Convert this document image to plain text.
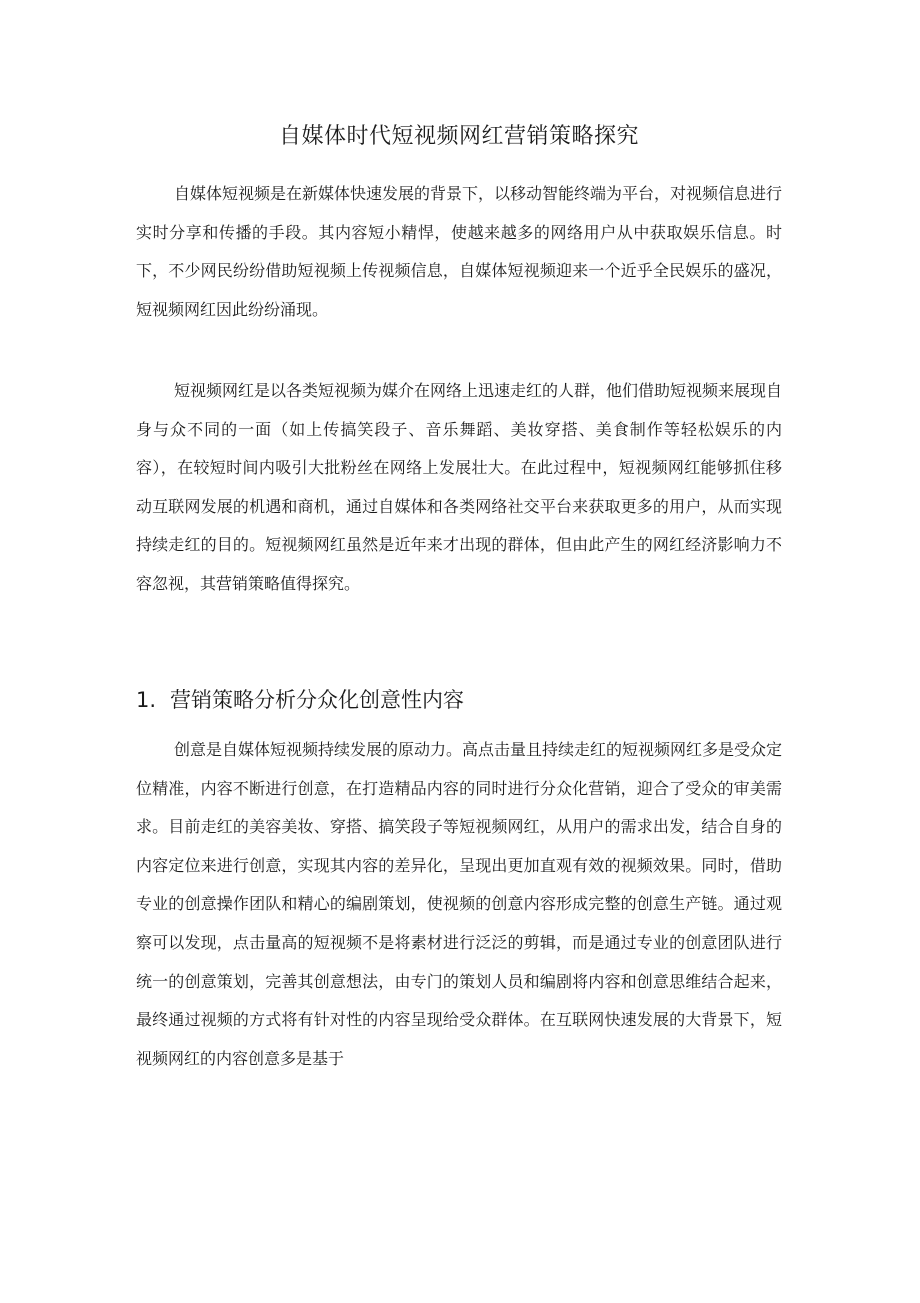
自媒体时代短视频网红营销策略探究

自媒体短视频是在新媒体快速发展的背景下，以移动智能终端为平台，对视频信息进行实时分享和传播的手段。其内容短小精悍，使越来越多的网络用户从中获取娱乐信息。时下，不少网民纷纷借助短视频上传视频信息，自媒体短视频迎来一个近乎全民娱乐的盛况，短视频网红因此纷纷涌现。

短视频网红是以各类短视频为媒介在网络上迅速走红的人群，他们借助短视频来展现自身与众不同的一面（如上传搞笑段子、音乐舞蹈、美妆穿搭、美食制作等轻松娱乐的内容），在较短时间内吸引大批粉丝在网络上发展壮大。在此过程中，短视频网红能够抓住移动互联网发展的机遇和商机，通过自媒体和各类网络社交平台来获取更多的用户，从而实现持续走红的目的。短视频网红虽然是近年来才出现的群体，但由此产生的网红经济影响力不容忽视，其营销策略值得探究。

1. 营销策略分析分众化创意性内容

创意是自媒体短视频持续发展的原动力。高点击量且持续走红的短视频网红多是受众定位精准，内容不断进行创意，在打造精品内容的同时进行分众化营销，迎合了受众的审美需求。目前走红的美容美妆、穿搭、搞笑段子等短视频网红，从用户的需求出发，结合自身的内容定位来进行创意，实现其内容的差异化，呈现出更加直观有效的视频效果。同时，借助专业的创意操作团队和精心的编剧策划，使视频的创意内容形成完整的创意生产链。通过观察可以发现，点击量高的短视频不是将素材进行泛泛的剪辑，而是通过专业的创意团队进行统一的创意策划，完善其创意想法，由专门的策划人员和编剧将内容和创意思维结合起来，最终通过视频的方式将有针对性的内容呈现给受众群体。在互联网快速发展的大背景下，短视频网红的内容创意多是基于
